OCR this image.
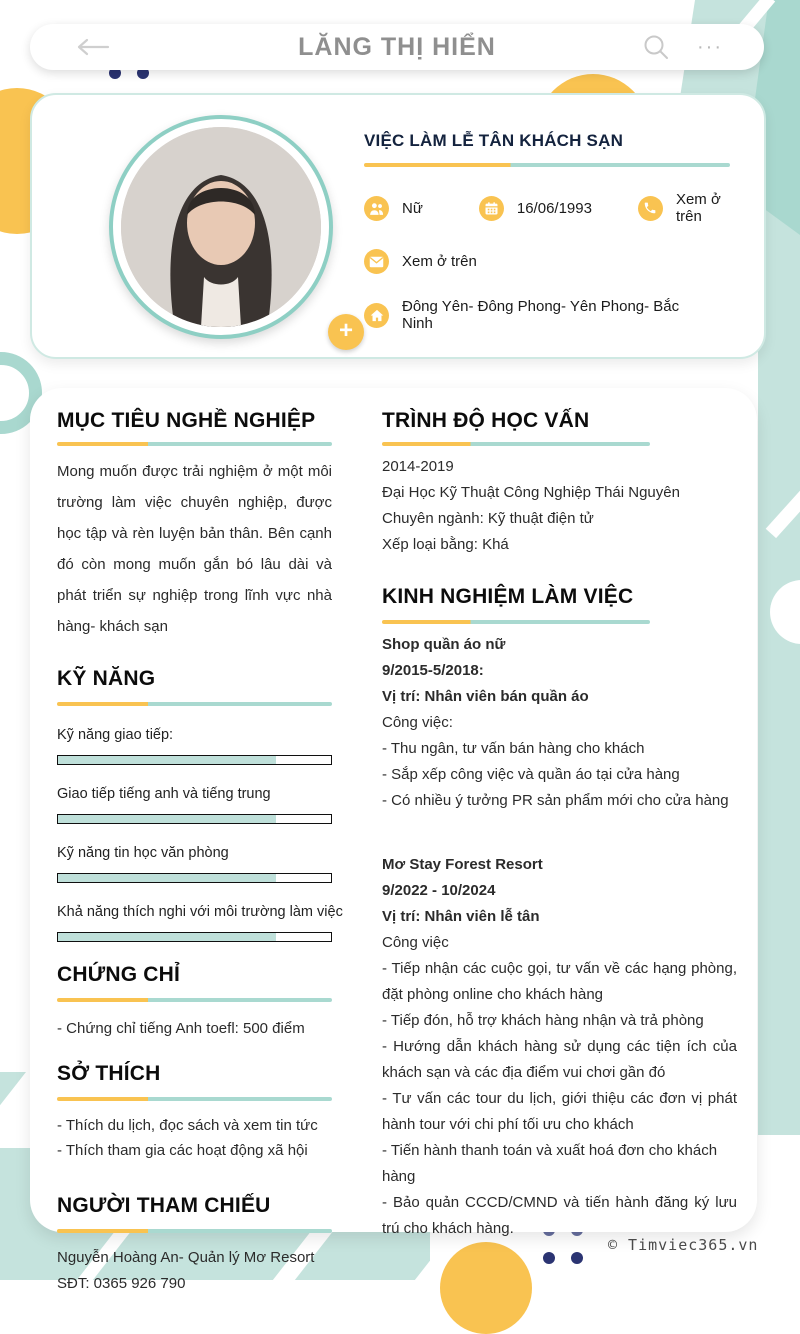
LĂNG THỊ HIỂN	···
+
VIỆC LÀM LỄ TÂN KHÁCH SẠN
Nữ	16/06/1993	Xem ở trên
Xem ở trên
Đông Yên- Đông Phong- Yên Phong- Bắc Ninh
MỤC TIÊU NGHỀ NGHIỆP

Mong muốn được trải nghiệm ở một môi trường làm việc chuyên nghiệp, được học tập và rèn luyện bản thân. Bên cạnh đó còn mong muốn gắn bó lâu dài và phát triển sự nghiệp trong lĩnh vực nhà hàng- khách sạn

KỸ NĂNG
Kỹ năng giao tiếp:
Giao tiếp tiếng anh và tiếng trung
Kỹ năng tin học văn phòng
Khả năng thích nghi với môi trường làm việc
CHỨNG CHỈ
- Chứng chỉ tiếng Anh toefl: 500 điểm
SỞ THÍCH
- Thích du lịch, đọc sách và xem tin tức
- Thích tham gia các hoạt động xã hội
NGƯỜI THAM CHIẾU
Nguyễn Hoàng An- Quản lý Mơ Resort
SĐT: 0365 926 790
TRÌNH ĐỘ HỌC VẤN
2014-2019
Đại Học Kỹ Thuật Công Nghiệp Thái Nguyên
Chuyên ngành: Kỹ thuật điện tử
Xếp loại bằng: Khá
KINH NGHIỆM LÀM VIỆC
Shop quần áo nữ
9/2015-5/2018:
Vị trí: Nhân viên bán quần áo
Công việc:
- Thu ngân, tư vấn bán hàng cho khách
- Sắp xếp công việc và quần áo tại cửa hàng
- Có nhiều ý tưởng PR sản phẩm mới cho cửa hàng
Mơ Stay Forest Resort
9/2022 - 10/2024
Vị trí: Nhân viên lễ tân
Công việc
- Tiếp nhận các cuộc gọi, tư vấn về các hạng phòng, đặt phòng online cho khách hàng
- Tiếp đón, hỗ trợ khách hàng nhận và trả phòng
- Hướng dẫn khách hàng sử dụng các tiện ích của khách sạn và các địa điểm vui chơi gần đó
- Tư vấn các tour du lịch, giới thiệu các đơn vị phát hành tour với chi phí tối ưu cho khách
- Tiến hành thanh toán và xuất hoá đơn cho khách hàng
- Bảo quản CCCD/CMND và tiến hành đăng ký lưu trú cho khách hàng.
© Timviec365.vn
